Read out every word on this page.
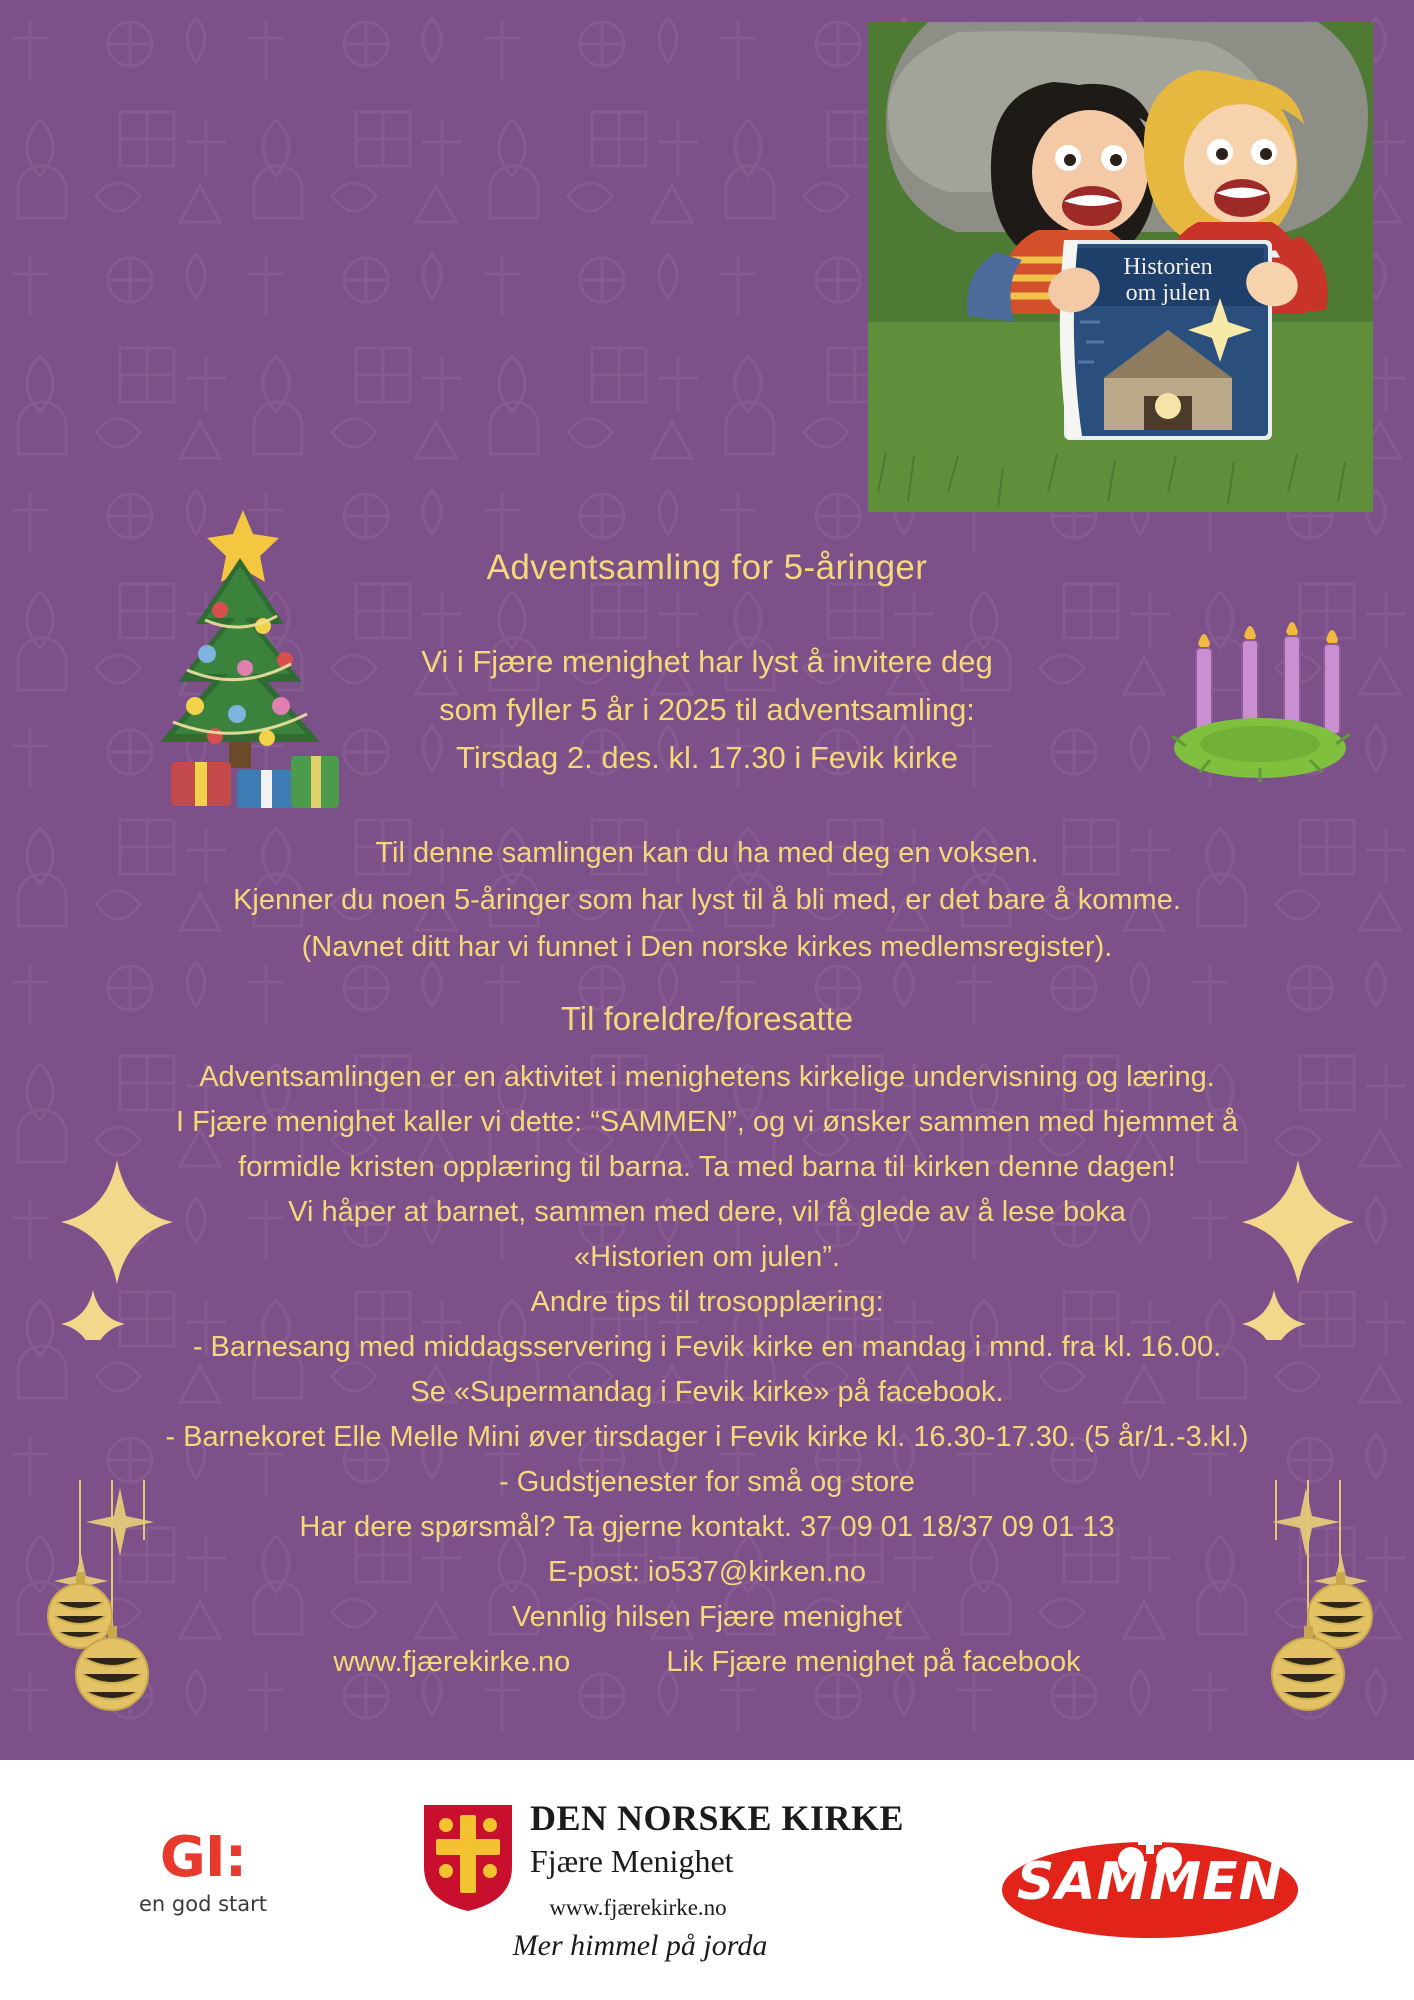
Historien
om julen
Adventsamling for 5-åringer
Vi i Fjære menighet har lyst å invitere deg
som fyller 5 år i 2025 til adventsamling:
Tirsdag 2. des. kl. 17.30 i Fevik kirke
Til denne samlingen kan du ha med deg en voksen.
Kjenner du noen 5-åringer som har lyst til å bli med, er det bare å komme.
(Navnet ditt har vi funnet i Den norske kirkes medlemsregister).
Til foreldre/foresatte
Adventsamlingen er en aktivitet i menighetens kirkelige undervisning og læring.
I Fjære menighet kaller vi dette: “SAMMEN”, og vi ønsker sammen med hjemmet å
formidle kristen opplæring til barna. Ta med barna til kirken denne dagen!
Vi håper at barnet, sammen med dere, vil få glede av å lese boka
«Historien om julen”.
Andre tips til trosopplæring:
- Barnesang med middagsservering i Fevik kirke en mandag i mnd. fra kl. 16.00.
Se «Supermandag i Fevik kirke» på facebook.
- Barnekoret Elle Melle Mini øver tirsdager i Fevik kirke kl. 16.30-17.30. (5 år/1.-3.kl.)
- Gudstjenester for små og store
Har dere spørsmål? Ta gjerne kontakt. 37 09 01 18/37 09 01 13
E-post: io537@kirken.no
Vennlig hilsen Fjære menighet
www.fjærekirke.no	Lik Fjære menighet på facebook
GI:
en god start
DEN NORSKE KIRKE
Fjære Menighet
www.fjærekirke.no
Mer himmel på jorda
SAMMEN
